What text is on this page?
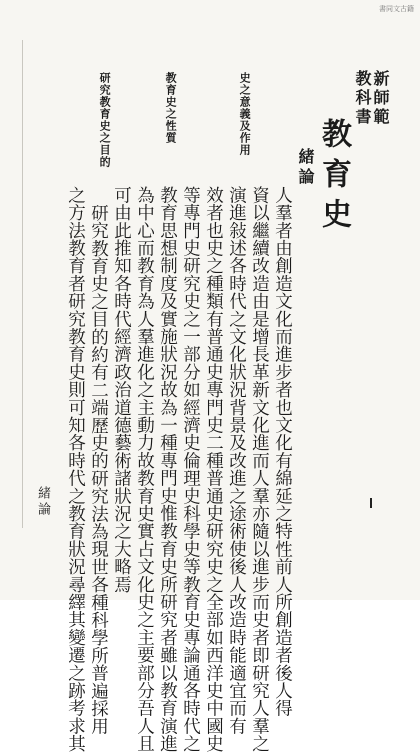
書同文古籍
新師範
教科書
教育史
緒論
人羣者由創造文化而進步者也文化有綿延之特性前人所創造者後人得
資以繼續改造由是增長革新文化進而人羣亦隨以進步而史者即研究人羣之
演進敍述各時代之文化狀況背景及改進之途術使後人改造時能適宜而有
效者也史之種類有普通史專門史二種普通史研究史之全部如西洋史中國史
等專門史研究史之一部分如經濟史倫理史科學史等教育史專論通各時代之
教育思想制度及實施狀況故為一種專門史惟教育史所研究者雖以教育演進
為中心而教育為人羣進化之主動力故教育史實占文化史之主要部分吾人且
可由此推知各時代經濟政治道德藝術諸狀況之大略焉
研究教育史之目的約有二端歷史的研究法為現世各種科學所普遍採用
之方法教育者研究教育史則可知各時代之教育狀況尋繹其變遷之跡考求其
史之意義及作用
教育史之性質
研究教育史之目的
緒論
